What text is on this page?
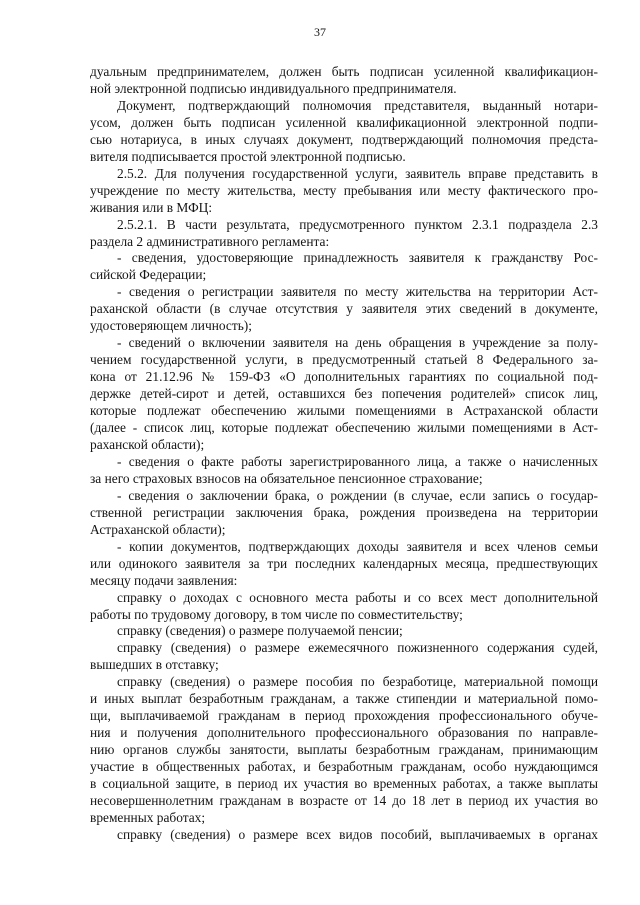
37
дуальным предпринимателем, должен быть подписан усиленной квалификацион-
ной электронной подписью индивидуального предпринимателя.
Документ, подтверждающий полномочия представителя, выданный нотари-
усом, должен быть подписан усиленной квалификационной электронной подпи-
сью нотариуса, в иных случаях документ, подтверждающий полномочия предста-
вителя подписывается простой электронной подписью.
2.5.2. Для получения государственной услуги, заявитель вправе представить в
учреждение по месту жительства, месту пребывания или месту фактического про-
живания или в МФЦ:
2.5.2.1. В части результата, предусмотренного пунктом 2.3.1 подраздела 2.3
раздела 2 административного регламента:
- сведения, удостоверяющие принадлежность заявителя к гражданству Рос-
сийской Федерации;
- сведения о регистрации заявителя по месту жительства на территории Аст-
раханской области (в случае отсутствия у заявителя этих сведений в документе,
удостоверяющем личность);
- сведений о включении заявителя на день обращения в учреждение за полу-
чением государственной услуги, в предусмотренный статьей 8 Федерального за-
кона от 21.12.96 № 159-ФЗ «О дополнительных гарантиях по социальной под-
держке детей-сирот и детей, оставшихся без попечения родителей» список лиц,
которые подлежат обеспечению жилыми помещениями в Астраханской области
(далее - список лиц, которые подлежат обеспечению жилыми помещениями в Аст-
раханской области);
- сведения о факте работы зарегистрированного лица, а также о начисленных
за него страховых взносов на обязательное пенсионное страхование;
- сведения о заключении брака, о рождении (в случае, если запись о государ-
ственной регистрации заключения брака, рождения произведена на территории
Астраханской области);
- копии документов, подтверждающих доходы заявителя и всех членов семьи
или одинокого заявителя за три последних календарных месяца, предшествующих
месяцу подачи заявления:
справку о доходах с основного места работы и со всех мест дополнительной
работы по трудовому договору, в том числе по совместительству;
справку (сведения) о размере получаемой пенсии;
справку (сведения) о размере ежемесячного пожизненного содержания судей,
вышедших в отставку;
справку (сведения) о размере пособия по безработице, материальной помощи
и иных выплат безработным гражданам, а также стипендии и материальной помо-
щи, выплачиваемой гражданам в период прохождения профессионального обуче-
ния и получения дополнительного профессионального образования по направле-
нию органов службы занятости, выплаты безработным гражданам, принимающим
участие в общественных работах, и безработным гражданам, особо нуждающимся
в социальной защите, в период их участия во временных работах, а также выплаты
несовершеннолетним гражданам в возрасте от 14 до 18 лет в период их участия во
временных работах;
справку (сведения) о размере всех видов пособий, выплачиваемых в органах
